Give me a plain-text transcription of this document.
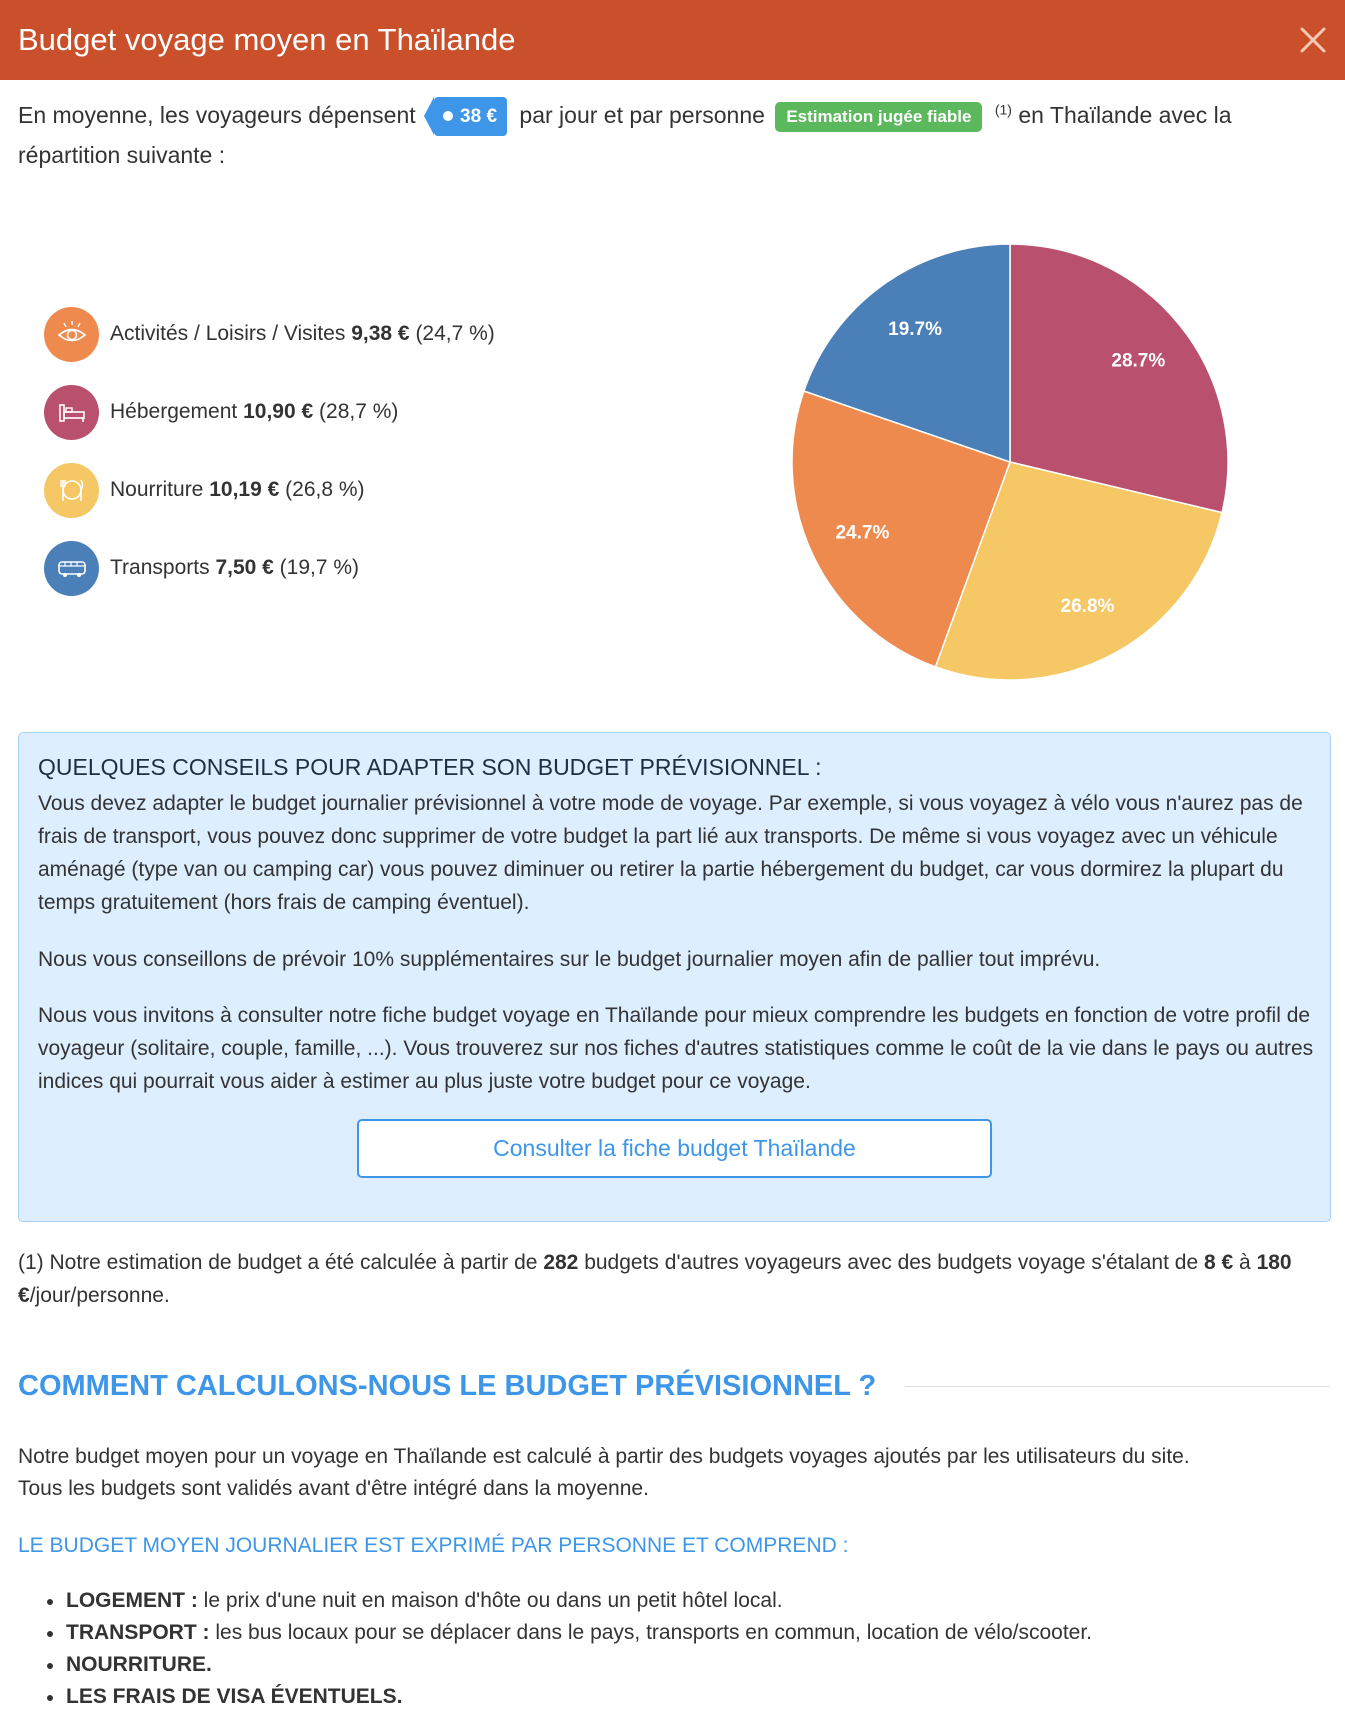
Budget voyage moyen en Thaïlande
En moyenne, les voyageurs dépensent 38 € par jour et par personne Estimation jugée fiable $^{(1)}$ en Thaïlande avec la répartition suivante :
Activités / Loisirs / Visites 9,38 € (24,7 %)
Hébergement 10,90 € (28,7 %)
Nourriture 10,19 € (26,8 %)
Transports 7,50 € (19,7 %)
28.7%
26.8%
24.7%
19.7%
QUELQUES CONSEILS POUR ADAPTER SON BUDGET PRÉVISIONNEL :
Vous devez adapter le budget journalier prévisionnel à votre mode de voyage. Par exemple, si vous voyagez à vélo vous n'aurez pas de frais de transport, vous pouvez donc supprimer de votre budget la part lié aux transports. De même si vous voyagez avec un véhicule aménagé (type van ou camping car) vous pouvez diminuer ou retirer la partie hébergement du budget, car vous dormirez la plupart du temps gratuitement (hors frais de camping éventuel).
Nous vous conseillons de prévoir 10% supplémentaires sur le budget journalier moyen afin de pallier tout imprévu.
Nous vous invitons à consulter notre fiche budget voyage en Thaïlande pour mieux comprendre les budgets en fonction de votre profil de voyageur (solitaire, couple, famille, ...). Vous trouverez sur nos fiches d'autres statistiques comme le coût de la vie dans le pays ou autres indices qui pourrait vous aider à estimer au plus juste votre budget pour ce voyage.
Consulter la fiche budget Thaïlande
(1) Notre estimation de budget a été calculée à partir de 282 budgets d'autres voyageurs avec des budgets voyage s'étalant de 8 € à 180 €/jour/personne.
COMMENT CALCULONS-NOUS LE BUDGET PRÉVISIONNEL ?
Notre budget moyen pour un voyage en Thaïlande est calculé à partir des budgets voyages ajoutés par les utilisateurs du site.
Tous les budgets sont validés avant d'être intégré dans la moyenne.
LE BUDGET MOYEN JOURNALIER EST EXPRIMÉ PAR PERSONNE ET COMPREND :
LOGEMENT : le prix d'une nuit en maison d'hôte ou dans un petit hôtel local.
TRANSPORT : les bus locaux pour se déplacer dans le pays, transports en commun, location de vélo/scooter.
NOURRITURE.
LES FRAIS DE VISA ÉVENTUELS.
